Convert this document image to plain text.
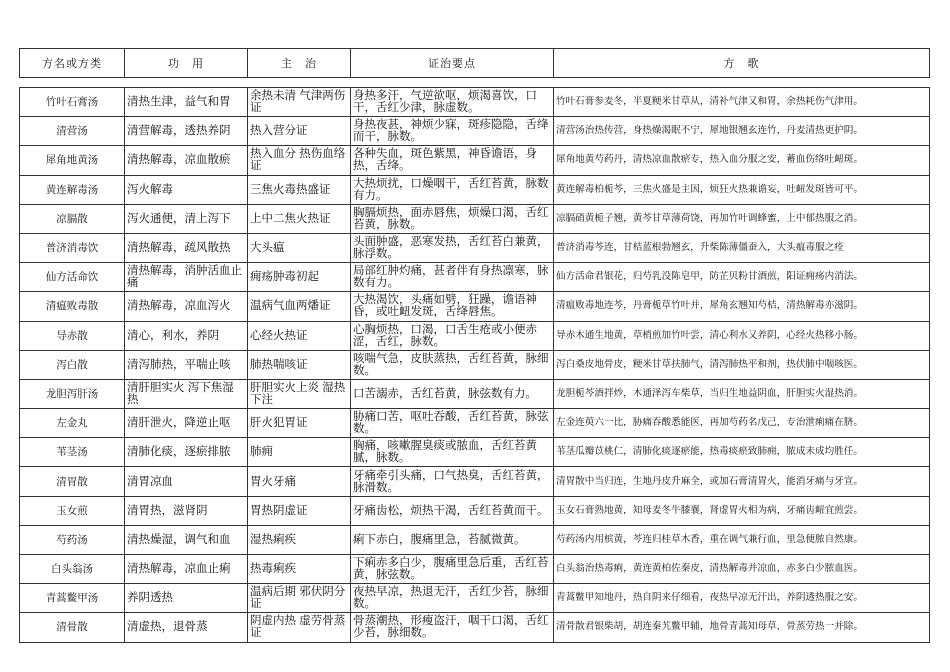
方名或方类	功　用	主　治	证治要点	方　歌
竹叶石膏汤	清热生津，益气和胃	余热未清 气津两伤证	身热多汗，气逆欲呕，烦渴喜饮，口干，舌红少津，脉虚数。	竹叶石膏参麦冬，半夏粳米甘草从，清补气津又和胃，余热耗伤气津用。
清营汤	清营解毒，透热养阴	热入营分证	身热夜甚，神烦少寐，斑疹隐隐，舌绛而干，脉数。	清营汤治热传营，身热燥渴眠不宁，犀地银翘玄连竹，丹麦清热更护阴。
犀角地黄汤	清热解毒，凉血散瘀	热入血分 热伤血络证	各种失血，斑色紫黑，神昏谵语，身热，舌绛。	犀角地黄芍药丹，清热凉血散瘀专，热入血分服之安，蓄血伤络吐衄斑。
黄连解毒汤	泻火解毒	三焦火毒热盛证	大热烦扰，口燥咽干，舌红苔黄，脉数有力。	黄连解毒柏栀芩，三焦火盛是主因，烦狂火热兼谵妄，吐衄发斑皆可平。
凉膈散	泻火通便，清上泻下	上中二焦火热证	胸膈烦热，面赤唇焦，烦燥口渴，舌红苔黄，脉数。	凉膈硝黄栀子翘，黄芩甘草薄荷饶，再加竹叶调蜂蜜，上中郁热服之消。
普济消毒饮	清热解毒，疏风散热	大头瘟	头面肿盛，恶寒发热，舌红苔白兼黄，脉浮数。	普济消毒芩连，甘桔蓝根勃翘玄，升柴陈薄僵蚕入，大头瘟毒服之痊
仙方活命饮	清热解毒，消肿活血止痛	痈疡肿毒初起	局部红肿灼痛，甚者伴有身热凛寒，脉数有力。	仙方活命君银花，归芍乳没陈皂甲，防芷贝粉甘酒煎，阳证痈疡内消法。
清瘟败毒散	清热解毒，凉血泻火	温病气血两燔证	大热渴饮，头痛如劈，狂躁，谵语神昏，或吐衄发斑，舌绛唇焦。	清瘟败毒地连芩，丹膏栀草竹叶并，犀角玄翘知芍桔，清热解毒亦滋阴。
导赤散	清心，利水，养阴	心经火热证	心胸烦热，口渴，口舌生疮或小便赤涩，舌红，脉数。	导赤木通生地黄，草梢煎加竹叶尝，清心利水又养阴，心经火热移小肠。
泻白散	清泻肺热，平喘止咳	肺热喘咳证	咳喘气急，皮肤蒸热，舌红苔黄，脉细数。	泻白桑皮地骨皮，粳米甘草扶肺气，清泻肺热平和剂，热伏肺中喘咳医。
龙胆泻肝汤	清肝胆实火 泻下焦湿热	肝胆实火上炎 湿热下注	口苦溺赤，舌红苔黄，脉弦数有力。	龙胆栀芩酒拌炒，木通泽泻车柴草，当归生地益阴血，肝胆实火湿热消。
左金丸	清肝泄火，降逆止呕	肝火犯胃证	胁痛口苦，呕吐吞酸，舌红苔黄，脉弦数。	左金连萸六一比，胁痛吞酸悉能医，再加芍药名戊己，专治泄痢痛在脐。
苇茎汤	清肺化痰，逐瘀排脓	肺痈	胸痛，咳嗽腥臭痰或脓血，舌红苔黄腻，脉数。	苇茎瓜瓣苡桃仁，清肺化痰逐瘀能，热毒痰瘀致肺痈，脓成未成均胜任。
清胃散	清胃凉血	胃火牙痛	牙痛牵引头痛，口气热臭，舌红苔黄，脉滑数。	清胃散中当归连，生地丹皮升麻全，或加石膏清胃火，能消牙痛与牙宣。
玉女煎	清胃热，滋肾阴	胃热阴虚证	牙痛齿松，烦热干渴，舌红苔黄而干。	玉女石膏熟地黄，知母麦冬牛膝襄，肾虚胃火相为病，牙痛齿衄宜煎尝。
芍药汤	清热燥湿，调气和血	湿热痢疾	痢下赤白，腹痛里急，苔腻微黄。	芍药汤内用槟黄，芩连归桂草木香，重在调气兼行血，里急便脓自然康。
白头翁汤	清热解毒，凉血止痢	热毒痢疾	下痢赤多白少，腹痛里急后重，舌红苔黄，脉弦数。	白头翁治热毒痢，黄连黄柏佐秦皮，清热解毒并凉血，赤多白少脓血医。
青蒿鳖甲汤	养阴透热	温病后期 邪伏阴分证	夜热早凉，热退无汗，舌红少苔，脉细数。	青蒿鳖甲知地丹，热自阴来仔细看，夜热早凉无汗出，养阴透热服之安。
清骨散	清虚热，退骨蒸	阴虚内热 虚劳骨蒸证	骨蒸潮热，形瘦盗汗，咽干口渴，舌红少苔，脉细数。	清骨散君银柴胡，胡连秦艽鳖甲辅，地骨青蒿知母草，骨蒸劳热一并除。
